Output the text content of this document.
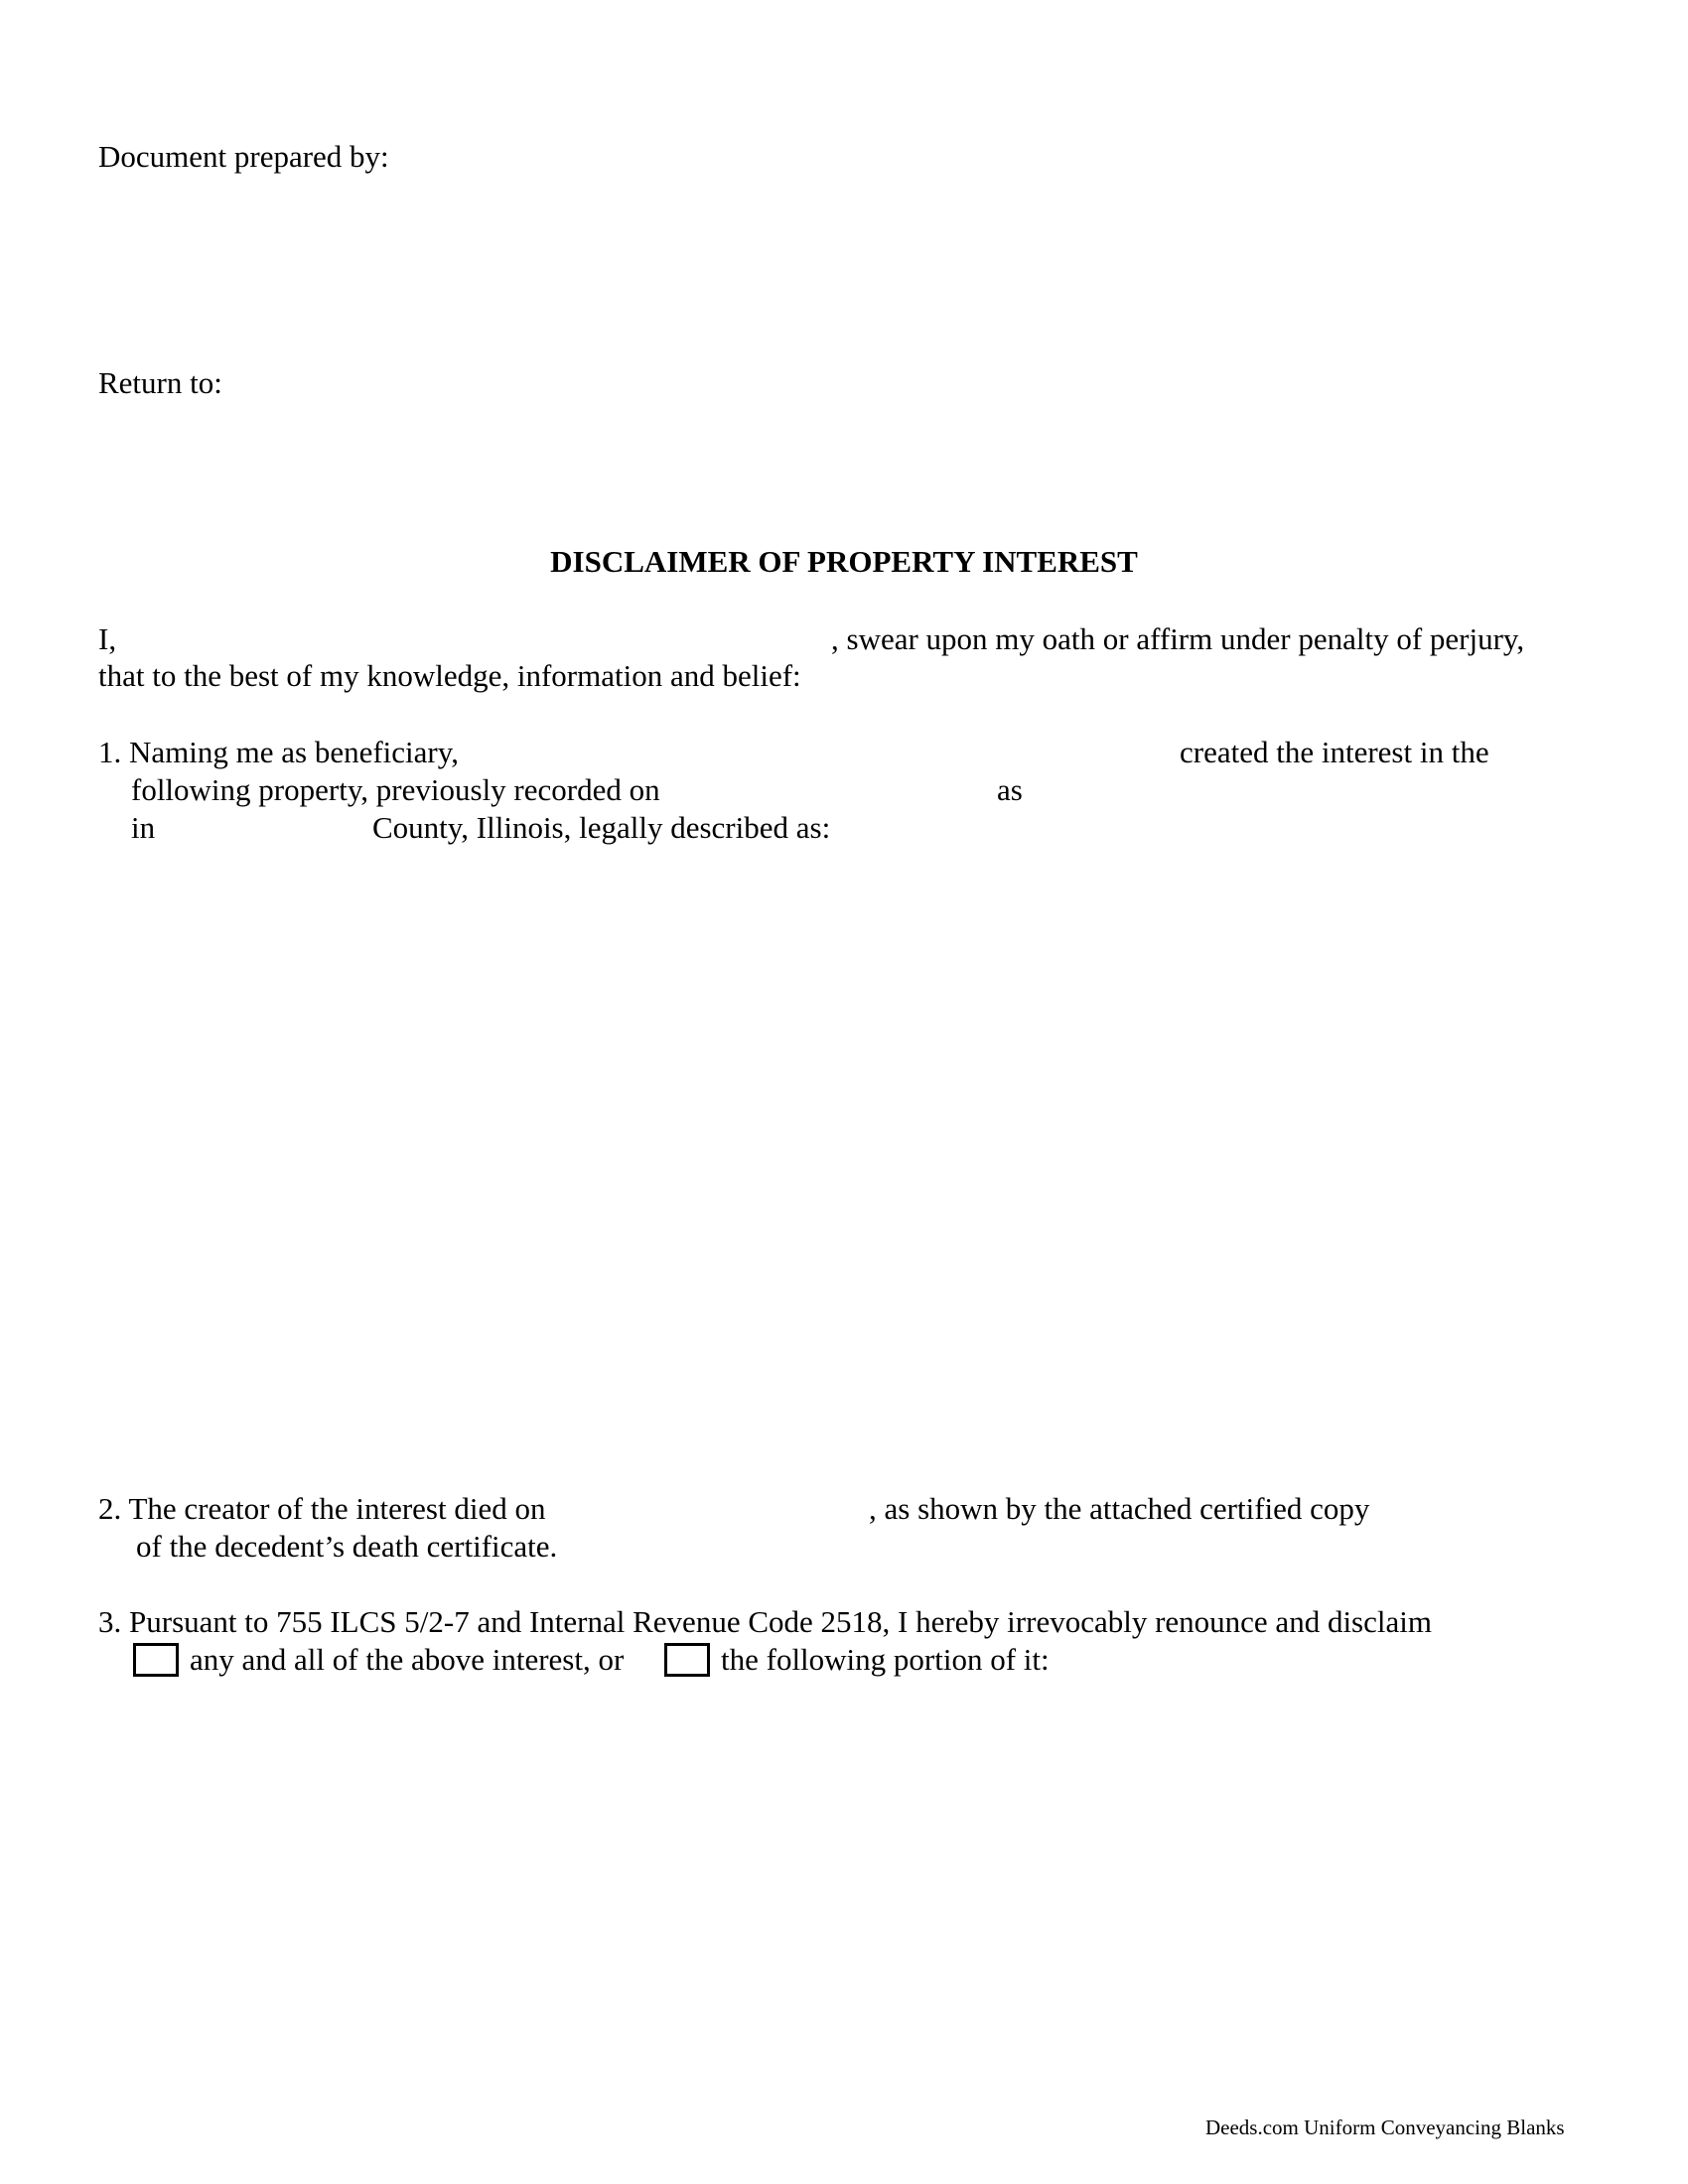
Document prepared by:
Return to:
DISCLAIMER OF PROPERTY INTEREST
I,	, swear upon my oath or affirm under penalty of perjury,
that to the best of my knowledge, information and belief:
1. Naming me as beneficiary,	created the interest in the
following property, previously recorded on	as
in	County, Illinois, legally described as:
2. The creator of the interest died on	, as shown by the attached certified copy
of the decedent’s death certificate.
3. Pursuant to 755 ILCS 5/2-7 and Internal Revenue Code 2518, I hereby irrevocably renounce and disclaim
any and all of the above interest, or	the following portion of it:
Deeds.com Uniform Conveyancing Blanks
